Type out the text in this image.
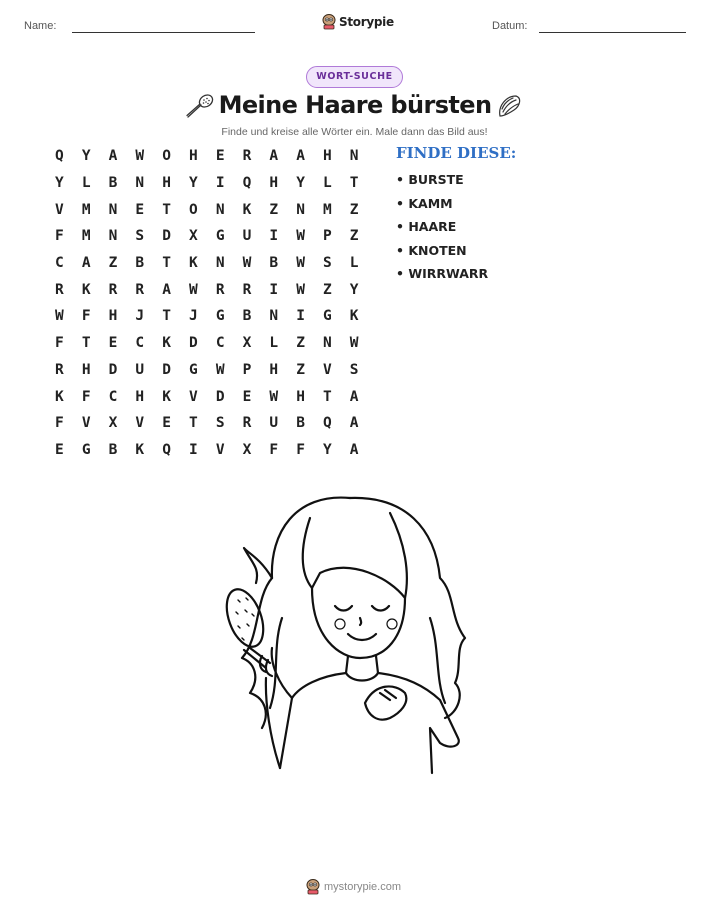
Name:	Storypie	Datum:
WORT-SUCHE
Meine Haare bürsten
Finde und kreise alle Wörter ein. Male dann das Bild aus!
Q	Y	A	W	O	H	E	R	A	A	H	N
Y	L	B	N	H	Y	I	Q	H	Y	L	T
V	M	N	E	T	O	N	K	Z	N	M	Z
F	M	N	S	D	X	G	U	I	W	P	Z
C	A	Z	B	T	K	N	W	B	W	S	L
R	K	R	R	A	W	R	R	I	W	Z	Y
W	F	H	J	T	J	G	B	N	I	G	K
F	T	E	C	K	D	C	X	L	Z	N	W
R	H	D	U	D	G	W	P	H	Z	V	S
K	F	C	H	K	V	D	E	W	H	T	A
F	V	X	V	E	T	S	R	U	B	Q	A
E	G	B	K	Q	I	V	X	F	F	Y	A
FINDE DIESE:
• BURSTE
• KAMM
• HAARE
• KNOTEN
• WIRRWARR
mystorypie.com
